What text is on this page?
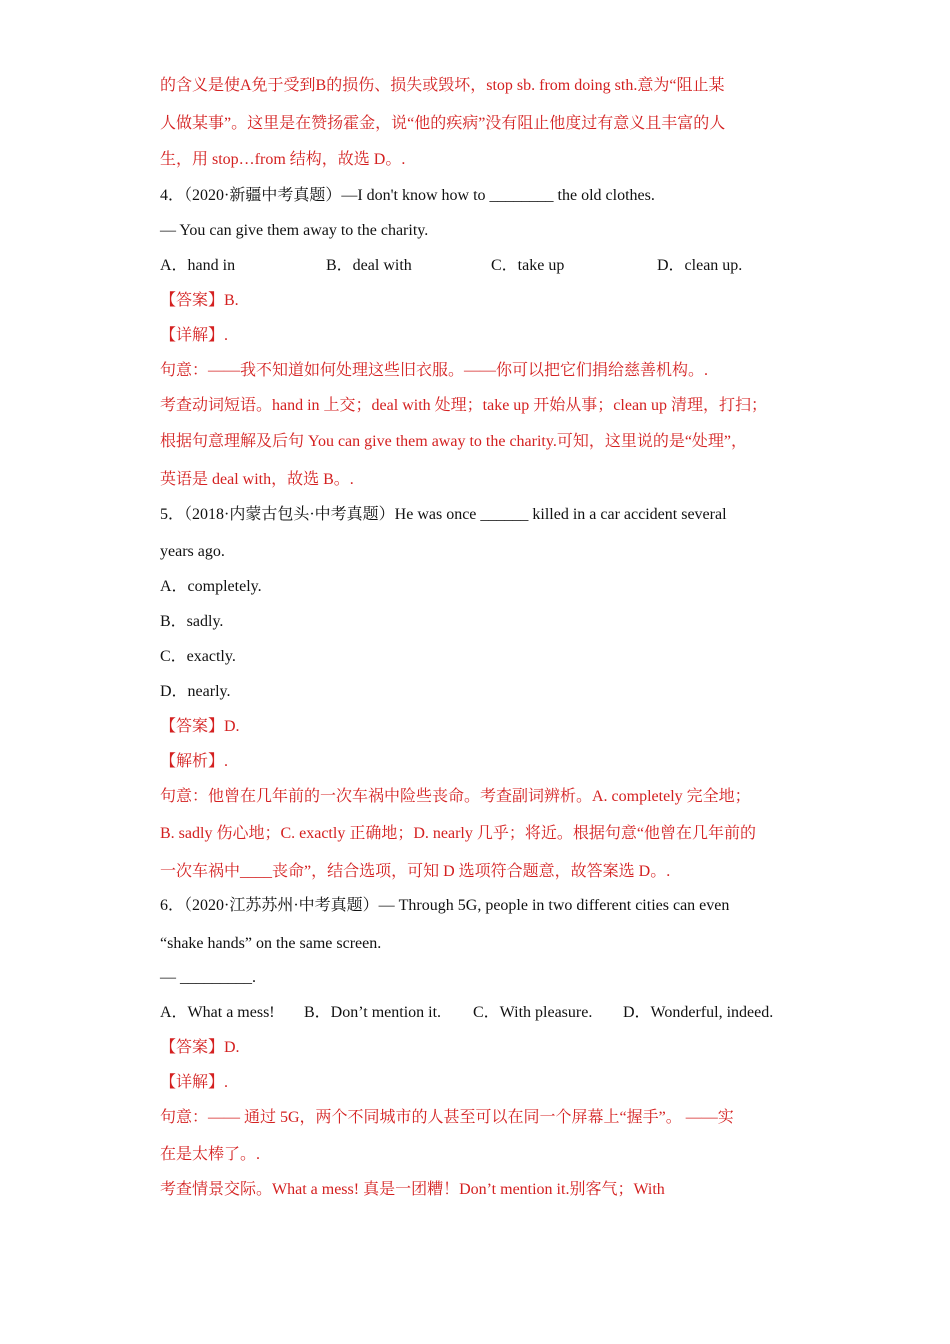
的含义是使A免于受到B的损伤、损失或毁坏，stop sb. from doing sth.意为“阻止某
人做某事”。这里是在赞扬霍金，说“他的疾病”没有阻止他度过有意义且丰富的人
生，用 stop…from 结构，故选 D。.
4．（2020·新疆中考真题）—I don't know how to ________ the old clothes.
— You can give them away to the charity.
A．hand in	B．deal with	C．take up	D．clean up.
【答案】B.
【详解】.
句意：——我不知道如何处理这些旧衣服。——你可以把它们捐给慈善机构。.
考查动词短语。hand in 上交；deal with 处理；take up 开始从事；clean up 清理，打扫；
根据句意理解及后句 You can give them away to the charity.可知，这里说的是“处理”，
英语是 deal with，故选 B。.
5．（2018·内蒙古包头·中考真题）He was once ______ killed in a car accident several
years ago.
A．completely.
B．sadly.
C．exactly.
D．nearly.
【答案】D.
【解析】.
句意：他曾在几年前的一次车祸中险些丧命。考查副词辨析。A. completely 完全地；
B. sadly 伤心地；C. exactly 正确地；D. nearly 几乎；将近。根据句意“他曾在几年前的
一次车祸中____丧命”，结合选项，可知 D 选项符合题意，故答案选 D。.
6．（2020·江苏苏州·中考真题）— Through 5G, people in two different cities can even
“shake hands” on the same screen.
— _________.
A．What a mess! B．Don’t mention it. C．With pleasure. D．Wonderful, indeed.
【答案】D.
【详解】.
句意：—— 通过 5G，两个不同城市的人甚至可以在同一个屏幕上“握手”。 ——实
在是太棒了。.
考查情景交际。What a mess! 真是一团糟！Don’t mention it.别客气；With
